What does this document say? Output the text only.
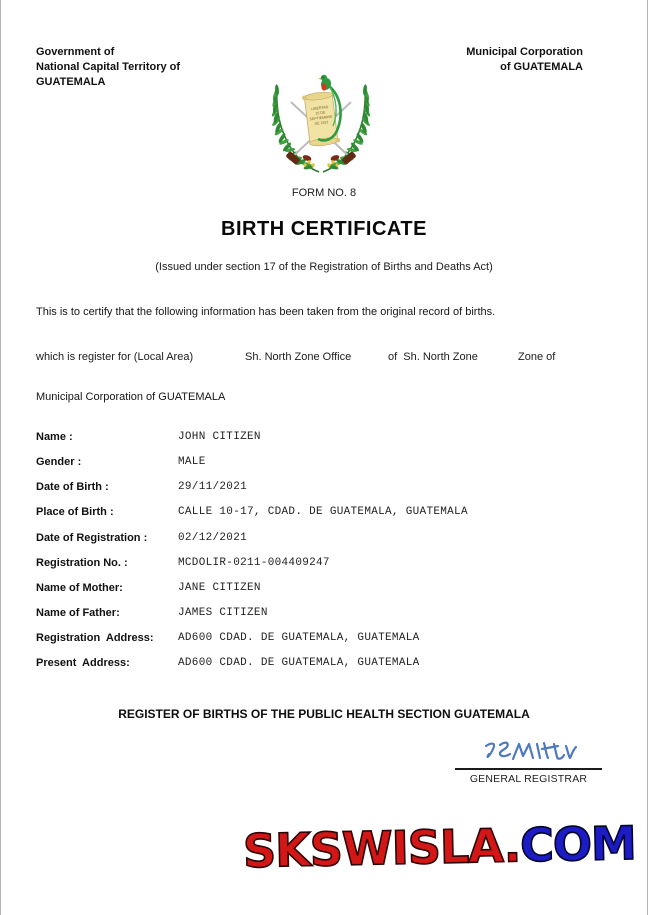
Government of
National Capital Territory of
GUATEMALA
Municipal Corporation
of GUATEMALA
LIBERTAD
15 DE
SEPTIEMBRE
DE 1821
FORM NO. 8
BIRTH CERTIFICATE
(Issued under section 17 of the Registration of Births and Deaths Act)
This is to certify that the following information has been taken from the original record of births.
which is register for (Local Area)	Sh. North Zone Office	of  Sh. North Zone	Zone of
Municipal Corporation of GUATEMALA
Name :	JOHN CITIZEN
Gender :	MALE
Date of Birth :	29/11/2021
Place of Birth :	CALLE 10-17, CDAD. DE GUATEMALA, GUATEMALA
Date of Registration :	02/12/2021
Registration No. :	MCDOLIR-0211-004409247
Name of Mother:	JANE CITIZEN
Name of Father:	JAMES CITIZEN
Registration  Address: AD600 CDAD. DE GUATEMALA, GUATEMALA
Present  Address:	AD600 CDAD. DE GUATEMALA, GUATEMALA
REGISTER OF BIRTHS OF THE PUBLIC HEALTH SECTION GUATEMALA
GENERAL REGISTRAR
SKSWISLA.COM
